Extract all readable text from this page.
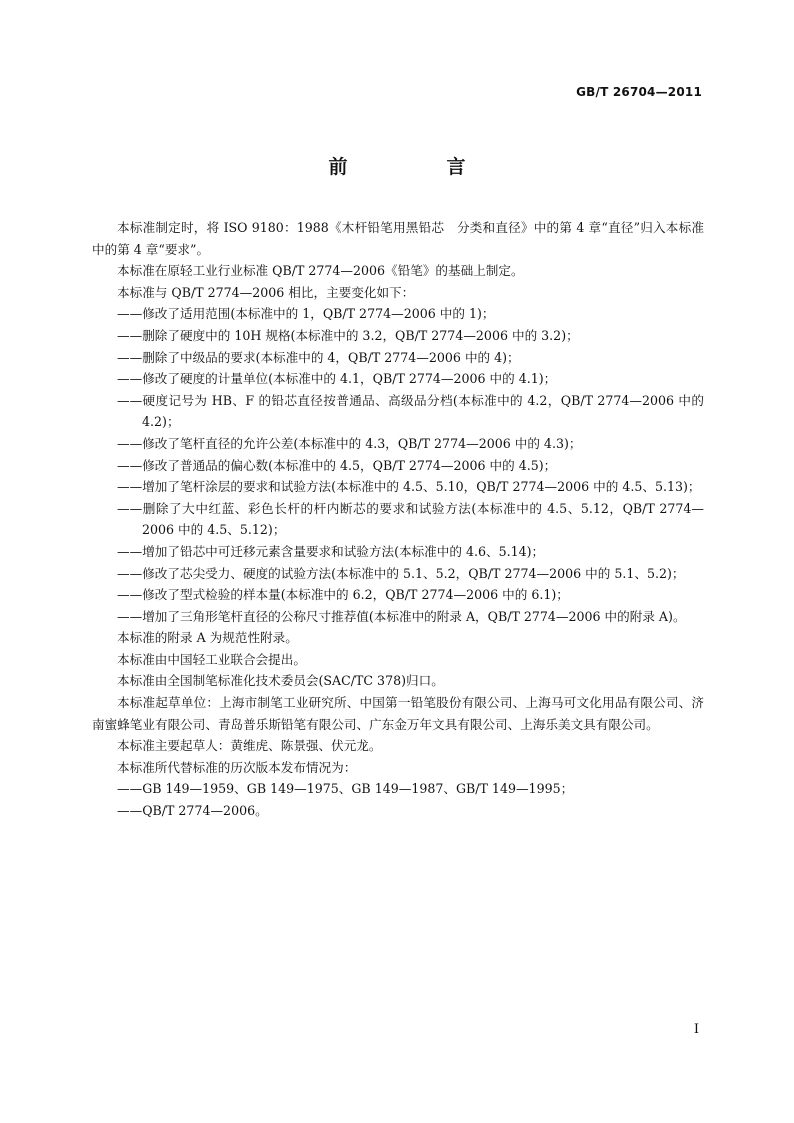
GB/T 26704—2011
前　言

本标准制定时，将 ISO 9180：1988《木杆铅笔用黑铅芯　分类和直径》中的第 4 章“直径”归入本标准中的第 4 章“要求”。

本标准在原轻工业行业标准 QB/T 2774—2006《铅笔》的基础上制定。

本标准与 QB/T 2774—2006 相比，主要变化如下：

——修改了适用范围(本标准中的 1，QB/T 2774—2006 中的 1)；

——删除了硬度中的 10H 规格(本标准中的 3.2，QB/T 2774—2006 中的 3.2)；

——删除了中级品的要求(本标准中的 4，QB/T 2774—2006 中的 4)；

——修改了硬度的计量单位(本标准中的 4.1，QB/T 2774—2006 中的 4.1)；

——硬度记号为 HB、F 的铅芯直径按普通品、高级品分档(本标准中的 4.2，QB/T 2774—2006 中的 4.2)；

——修改了笔杆直径的允许公差(本标准中的 4.3，QB/T 2774—2006 中的 4.3)；

——修改了普通品的偏心数(本标准中的 4.5，QB/T 2774—2006 中的 4.5)；

——增加了笔杆涂层的要求和试验方法(本标准中的 4.5、5.10，QB/T 2774—2006 中的 4.5、5.13)；

——删除了大中红蓝、彩色长杆的杆内断芯的要求和试验方法(本标准中的 4.5、5.12，QB/T 2774—2006 中的 4.5、5.12)；

——增加了铅芯中可迁移元素含量要求和试验方法(本标准中的 4.6、5.14)；

——修改了芯尖受力、硬度的试验方法(本标准中的 5.1、5.2，QB/T 2774—2006 中的 5.1、5.2)；

——修改了型式检验的样本量(本标准中的 6.2，QB/T 2774—2006 中的 6.1)；

——增加了三角形笔杆直径的公称尺寸推荐值(本标准中的附录 A，QB/T 2774—2006 中的附录 A)。

本标准的附录 A 为规范性附录。

本标准由中国轻工业联合会提出。

本标准由全国制笔标准化技术委员会(SAC/TC 378)归口。

本标准起草单位：上海市制笔工业研究所、中国第一铅笔股份有限公司、上海马可文化用品有限公司、济南蜜蜂笔业有限公司、青岛普乐斯铅笔有限公司、广东金万年文具有限公司、上海乐美文具有限公司。

本标准主要起草人：黄维虎、陈景强、伏元龙。

本标准所代替标准的历次版本发布情况为：

——GB 149—1959、GB 149—1975、GB 149—1987、GB/T 149—1995；

——QB/T 2774—2006。

I
